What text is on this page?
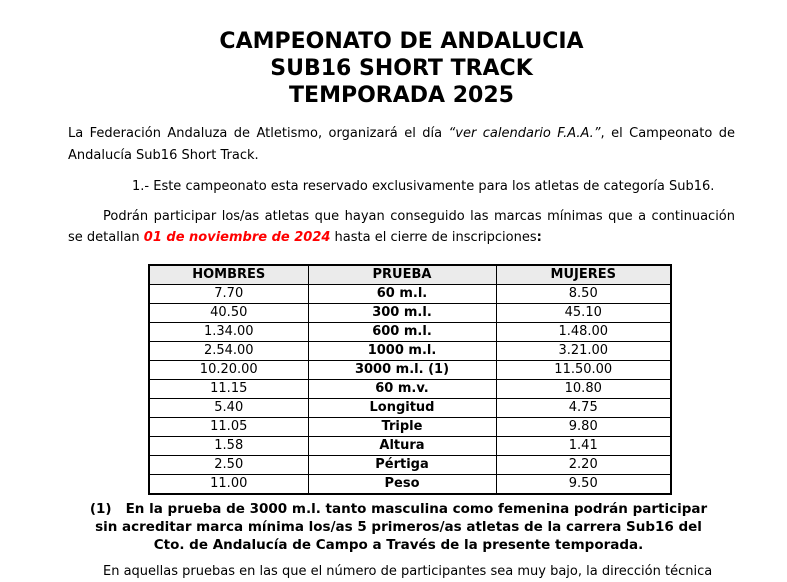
CAMPEONATO DE ANDALUCIA
SUB16 SHORT TRACK
TEMPORADA 2025

La Federación Andaluza de Atletismo, organizará el día “ver calendario F.A.A.”, el Campeonato de Andalucía Sub16 Short Track.

1.- Este campeonato esta reservado exclusivamente para los atletas de categoría Sub16.

Podrán participar los/as atletas que hayan conseguido las marcas mínimas que a continuación se detallan 01 de noviembre de 2024 hasta el cierre de inscripciones:

HOMBRES	PRUEBA	MUJERES
7.70	60 m.l.	8.50
40.50	300 m.l.	45.10
1.34.00	600 m.l.	1.48.00
2.54.00	1000 m.l.	3.21.00
10.20.00	3000 m.l. (1)	11.50.00
11.15	60 m.v.	10.80
5.40	Longitud	4.75
11.05	Triple	9.80
1.58	Altura	1.41
2.50	Pértiga	2.20
11.00	Peso	9.50

(1) En la prueba de 3000 m.l. tanto masculina como femenina podrán participar sin acreditar marca mínima los/as 5 primeros/as atletas de la carrera Sub16 del Cto. de Andalucía de Campo a Través de la presente temporada.

En aquellas pruebas en las que el número de participantes sea muy bajo, la dirección técnica
